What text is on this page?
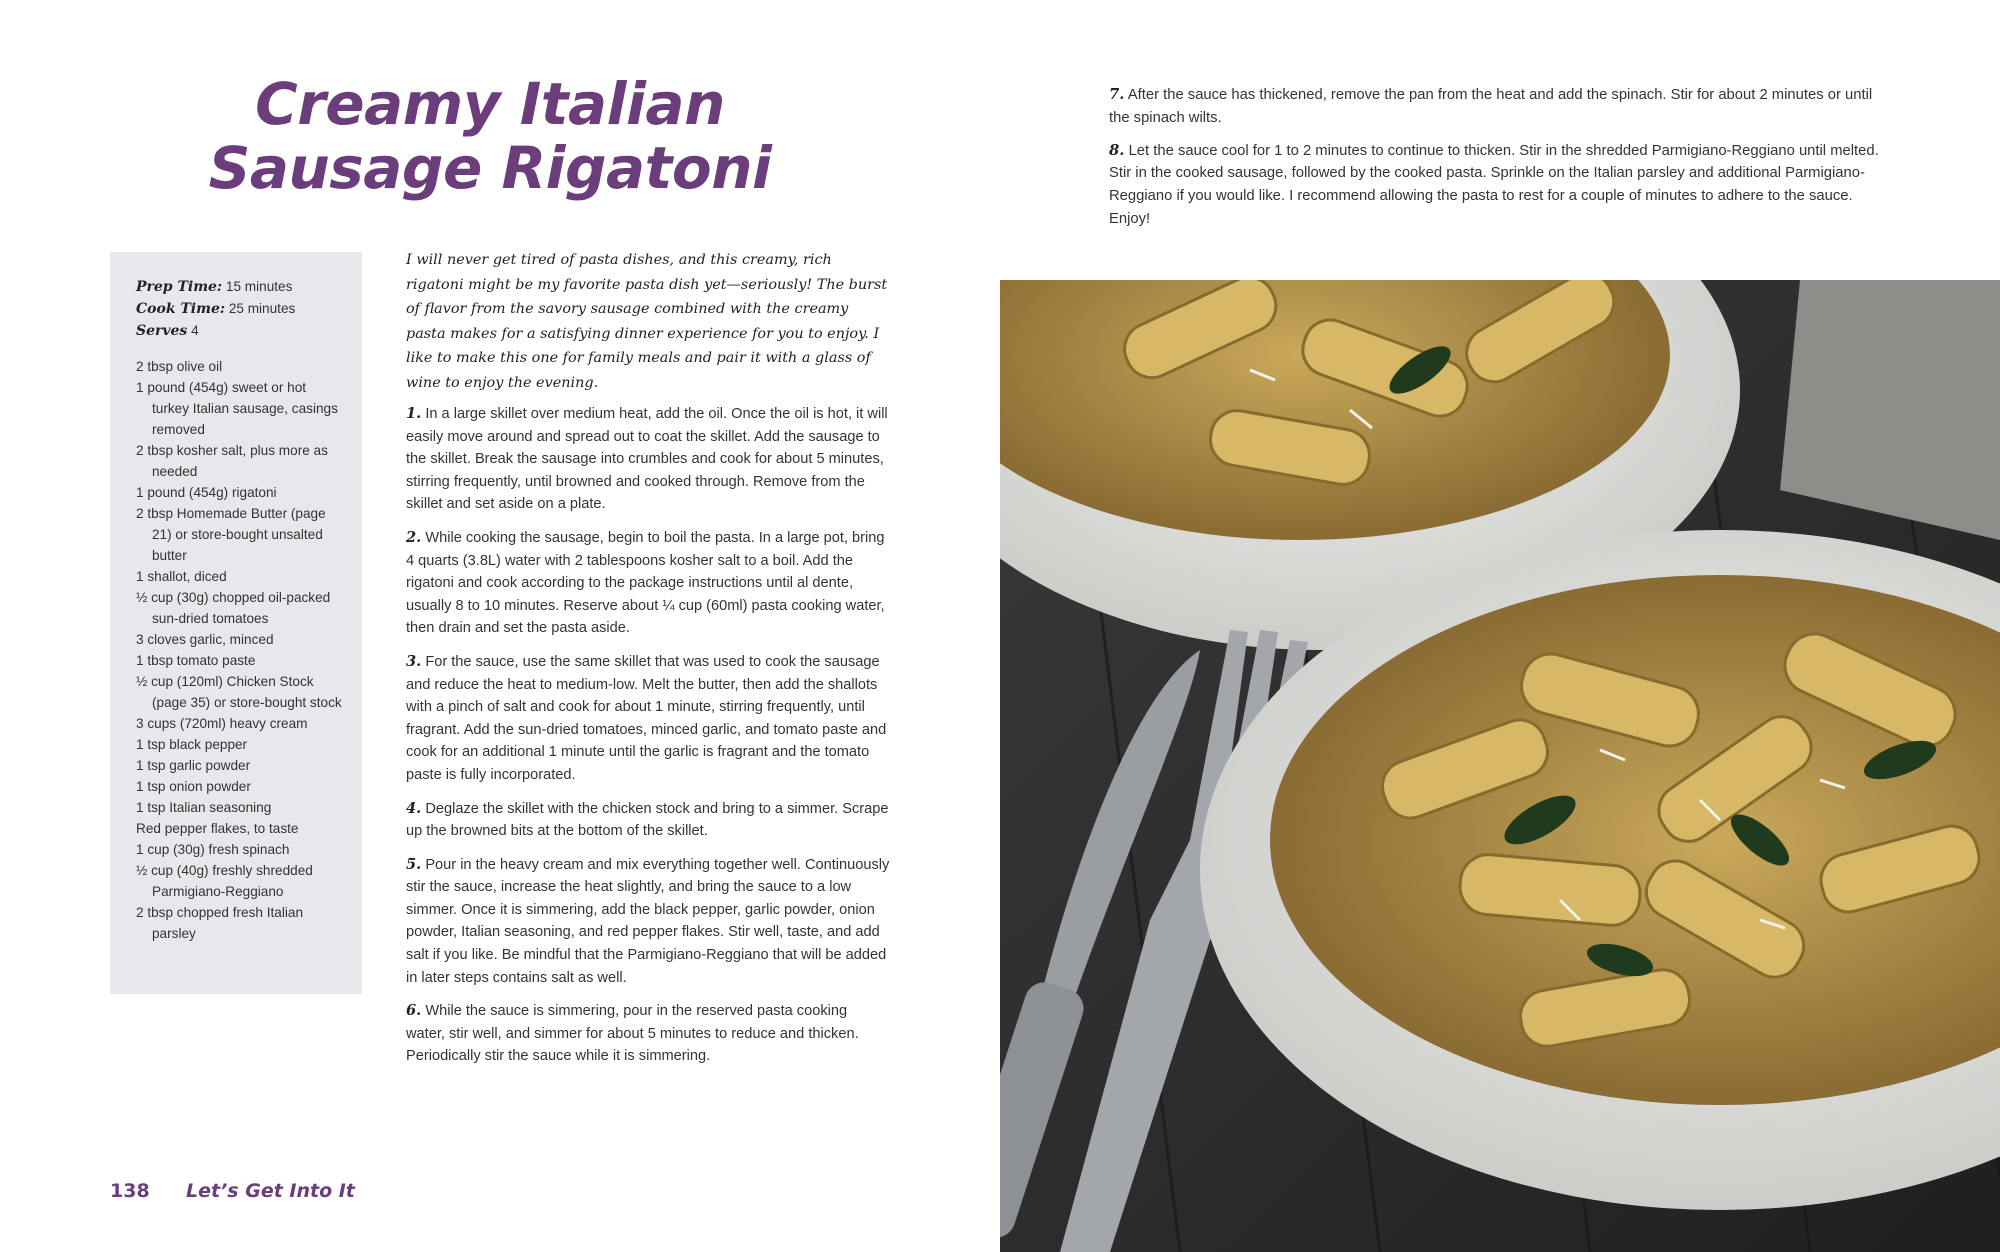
Creamy Italian
Sausage Rigatoni

Prep Time: 15 minutes

Cook Time: 25 minutes

Serves 4

2 tbsp olive oil
1 pound (454g) sweet or hot turkey Italian sausage, casings removed
2 tbsp kosher salt, plus more as needed
1 pound (454g) rigatoni
2 tbsp Homemade Butter (page 21) or store-bought unsalted butter
1 shallot, diced
½ cup (30g) chopped oil-packed sun-dried tomatoes
3 cloves garlic, minced
1 tbsp tomato paste
½ cup (120ml) Chicken Stock (page 35) or store-bought stock
3 cups (720ml) heavy cream
1 tsp black pepper
1 tsp garlic powder
1 tsp onion powder
1 tsp Italian seasoning
Red pepper flakes, to taste
1 cup (30g) fresh spinach
½ cup (40g) freshly shredded Parmigiano-Reggiano
2 tbsp chopped fresh Italian parsley

I will never get tired of pasta dishes, and this creamy, rich rigatoni might be my favorite pasta dish yet—seriously! The burst of flavor from the savory sausage combined with the creamy pasta makes for a satisfying dinner experience for you to enjoy. I like to make this one for family meals and pair it with a glass of wine to enjoy the evening.

1. In a large skillet over medium heat, add the oil. Once the oil is hot, it will easily move around and spread out to coat the skillet. Add the sausage to the skillet. Break the sausage into crumbles and cook for about 5 minutes, stirring frequently, until browned and cooked through. Remove from the skillet and set aside on a plate.

2. While cooking the sausage, begin to boil the pasta. In a large pot, bring 4 quarts (3.8L) water with 2 tablespoons kosher salt to a boil. Add the rigatoni and cook according to the package instructions until al dente, usually 8 to 10 minutes. Reserve about ¼ cup (60ml) pasta cooking water, then drain and set the pasta aside.

3. For the sauce, use the same skillet that was used to cook the sausage and reduce the heat to medium-low. Melt the butter, then add the shallots with a pinch of salt and cook for about 1 minute, stirring frequently, until fragrant. Add the sun-dried tomatoes, minced garlic, and tomato paste and cook for an additional 1 minute until the garlic is fragrant and the tomato paste is fully incorporated.

4. Deglaze the skillet with the chicken stock and bring to a simmer. Scrape up the browned bits at the bottom of the skillet.

5. Pour in the heavy cream and mix everything together well. Continuously stir the sauce, increase the heat slightly, and bring the sauce to a low simmer. Once it is simmering, add the black pepper, garlic powder, onion powder, Italian seasoning, and red pepper flakes. Stir well, taste, and add salt if you like. Be mindful that the Parmigiano-Reggiano that will be added in later steps contains salt as well.

6. While the sauce is simmering, pour in the reserved pasta cooking water, stir well, and simmer for about 5 minutes to reduce and thicken. Periodically stir the sauce while it is simmering.

7. After the sauce has thickened, remove the pan from the heat and add the spinach. Stir for about 2 minutes or until the spinach wilts.

8. Let the sauce cool for 1 to 2 minutes to continue to thicken. Stir in the shredded Parmigiano-Reggiano until melted. Stir in the cooked sausage, followed by the cooked pasta. Sprinkle on the Italian parsley and additional Parmigiano-Reggiano if you would like. I recommend allowing the pasta to rest for a couple of minutes to adhere to the sauce. Enjoy!

138 Let’s Get Into It
